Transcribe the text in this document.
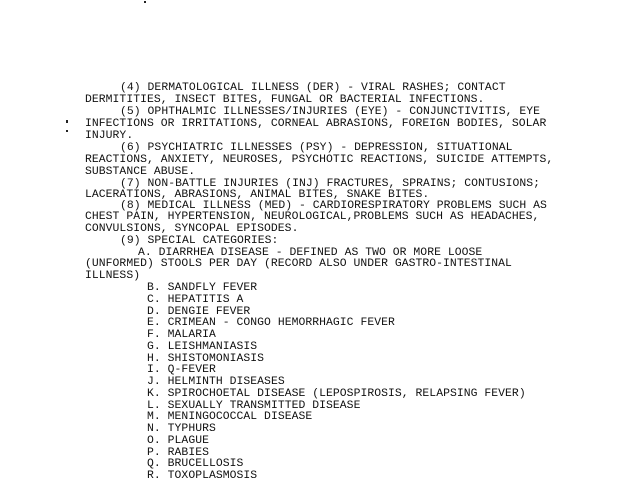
(4) DERMATOLOGICAL ILLNESS (DER) - VIRAL RASHES; CONTACT
DERMITITIES, INSECT BITES, FUNGAL OR BACTERIAL INFECTIONS.
(5) OPHTHALMIC ILLNESSES/INJURIES (EYE) - CONJUNCTIVITIS, EYE
INFECTIONS OR IRRITATIONS, CORNEAL ABRASIONS, FOREIGN BODIES, SOLAR
INJURY.
(6) PSYCHIATRIC ILLNESSES (PSY) - DEPRESSION, SITUATIONAL
REACTIONS, ANXIETY, NEUROSES, PSYCHOTIC REACTIONS, SUICIDE ATTEMPTS,
SUBSTANCE ABUSE.
(7) NON-BATTLE INJURIES (INJ) FRACTURES, SPRAINS; CONTUSIONS;
LACERATIONS, ABRASIONS, ANIMAL BITES, SNAKE BITES.
(8) MEDICAL ILLNESS (MED) - CARDIORESPIRATORY PROBLEMS SUCH AS
CHEST PAIN, HYPERTENSION, NEUROLOGICAL,PROBLEMS SUCH AS HEADACHES,
CONVULSIONS, SYNCOPAL EPISODES.
(9) SPECIAL CATEGORIES:
A. DIARRHEA DISEASE - DEFINED AS TWO OR MORE LOOSE
(UNFORMED) STOOLS PER DAY (RECORD ALSO UNDER GASTRO-INTESTINAL
ILLNESS)
B. SANDFLY FEVER
C. HEPATITIS A
D. DENGIE FEVER
E. CRIMEAN - CONGO HEMORRHAGIC FEVER
F. MALARIA
G. LEISHMANIASIS
H. SHISTOMONIASIS
I. Q-FEVER
J. HELMINTH DISEASES
K. SPIROCHOETAL DISEASE (LEPOSPIROSIS, RELAPSING FEVER)
L. SEXUALLY TRANSMITTED DISEASE
M. MENINGOCOCCAL DISEASE
N. TYPHURS
O. PLAGUE
P. RABIES
Q. BRUCELLOSIS
R. TOXOPLASMOSIS
